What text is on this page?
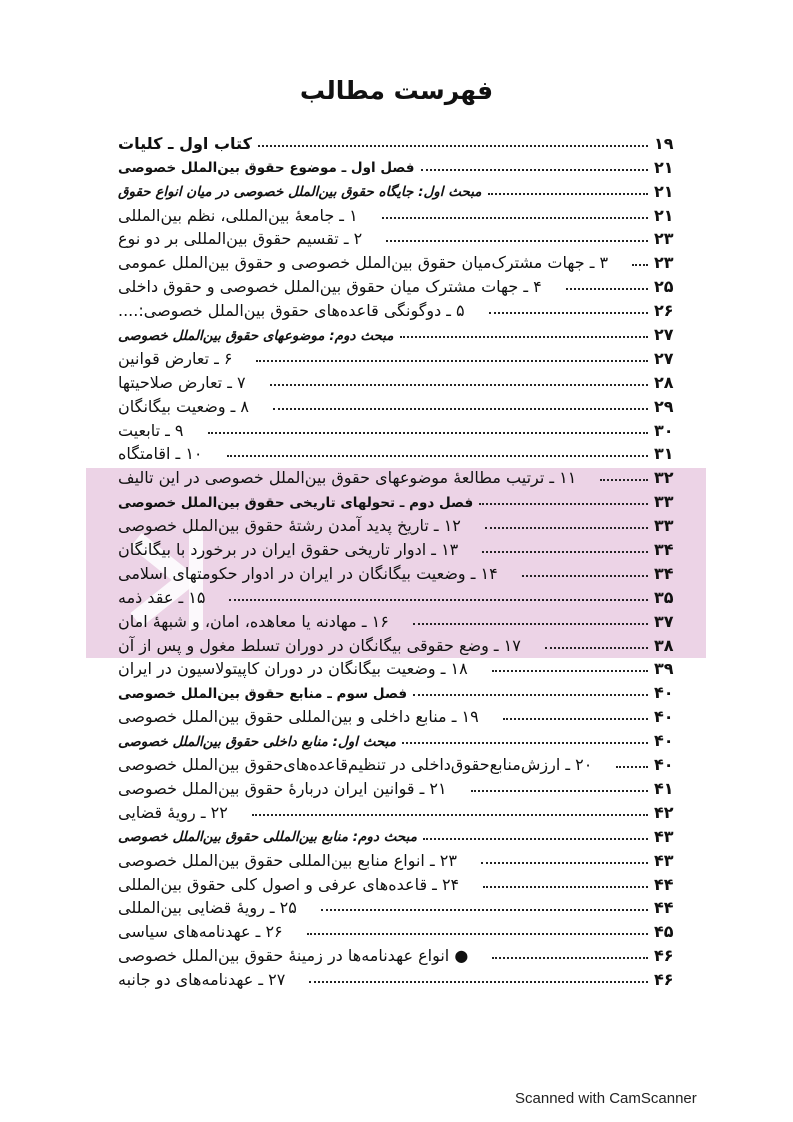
فهرست مطالب
كتاب اول ـ كليات	١٩
فصل اول ـ موضوع حقوق بین‌الملل خصوصی	٢١
مبحث اول: جایگاه حقوق بین‌الملل خصوصی در میان انواع حقوق	٢١
١ ـ جامعهٔ بین‌المللی، نظم بین‌المللی	٢١
٢ ـ تقسیم حقوق بین‌المللی بر دو نوع	٢٣
٣ ـ جهات مشترک‌میان حقوق بین‌الملل خصوصی و حقوق بین‌الملل عمومی	٢٣
۴ ـ جهات مشترک میان حقوق بین‌الملل خصوصی و حقوق داخلی	٢۵
۵ ـ دوگونگی قاعده‌های حقوق بین‌الملل خصوصی:....	٢۶
مبحث دوم: موضوعهای حقوق بین‌الملل خصوصی	٢٧
۶ ـ تعارض قوانین	٢٧
٧ ـ تعارض صلاحیتها	٢٨
٨ ـ وضعیت بیگانگان	٢٩
٩ ـ تابعیت	٣٠
١٠ ـ اقامتگاه	٣١
١١ ـ ترتیب مطالعهٔ موضوعهای حقوق بین‌الملل خصوصی در این تالیف	٣٢
فصل دوم ـ تحولهای تاریخی حقوق بین‌الملل خصوصی	٣٣
١٢ ـ تاریخ پدید آمدن رشتهٔ حقوق بین‌الملل خصوصی	٣٣
١٣ ـ ادوار تاریخی حقوق ایران در برخورد با بیگانگان	٣۴
١۴ ـ وضعیت بیگانگان در ایران در ادوار حکومتهای اسلامی	٣۴
١۵ ـ عقد ذمه	٣۵
١۶ ـ مهادنه یا معاهده، امان، و شبههٔ امان	٣٧
١٧ ـ وضع حقوقی بیگانگان در دوران تسلط مغول و پس از آن	٣٨
١٨ ـ وضعیت بیگانگان در دوران کاپیتولاسیون در ایران	٣٩
فصل سوم ـ منابع حقوق بین‌الملل خصوصی	۴٠
١٩ ـ منابع داخلی و بین‌المللی حقوق بین‌الملل خصوصی	۴٠
مبحث اول: منابع داخلی حقوق بین‌الملل خصوصی	۴٠
٢٠ ـ ارزش‌منابع‌حقوق‌داخلی در تنظیم‌قاعده‌های‌حقوق بین‌الملل خصوصی	۴٠
٢١ ـ قوانین ایران دربارهٔ حقوق بین‌الملل خصوصی	۴١
٢٢ ـ رویهٔ قضایی	۴٢
مبحث دوم: منابع بین‌المللی حقوق بین‌الملل خصوصی	۴٣
٢٣ ـ انواع منابع بین‌المللی حقوق بین‌الملل خصوصی	۴٣
٢۴ ـ قاعده‌های عرفی و اصول کلی حقوق بین‌المللی	۴۴
٢۵ ـ رویهٔ قضایی بین‌المللی	۴۴
٢۶ ـ عهدنامه‌های سیاسی	۴۵
● انواع عهدنامه‌ها در زمینهٔ حقوق بین‌الملل خصوصی	۴۶
٢٧ ـ عهدنامه‌های دو جانبه	۴۶
Scanned with CamScanner
